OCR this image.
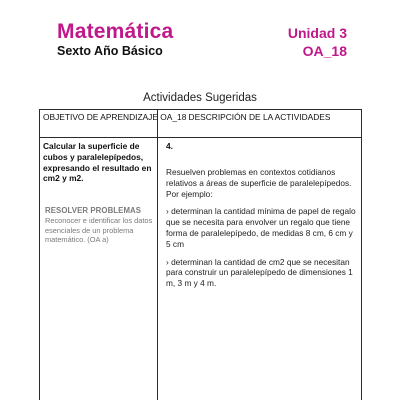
Matemática
Sexto Año Básico
Unidad 3
OA_18
Actividades Sugeridas
OBJETIVO DE APRENDIZAJE OA_18 DESCRIPCIÓN DE LA ACTIVIDADES
Calcular la superficie de cubos y paralelepípedos, expresando el resultado en cm2 y m2.
RESOLVER PROBLEMAS
Reconocer e identificar los datos esenciales de un problema matemático. (OA a)
4.

Resuelven problemas en contextos cotidianos relativos a áreas de superficie de paralelepípedos. Por ejemplo:

› determinan la cantidad mínima de papel de regalo que se necesita para envolver un regalo que tiene forma de paralelepípedo, de medidas 8 cm, 6 cm y 5 cm

› determinan la cantidad de cm2 que se necesitan para construir un paralelepípedo de dimensiones 1 m, 3 m y 4 m.
